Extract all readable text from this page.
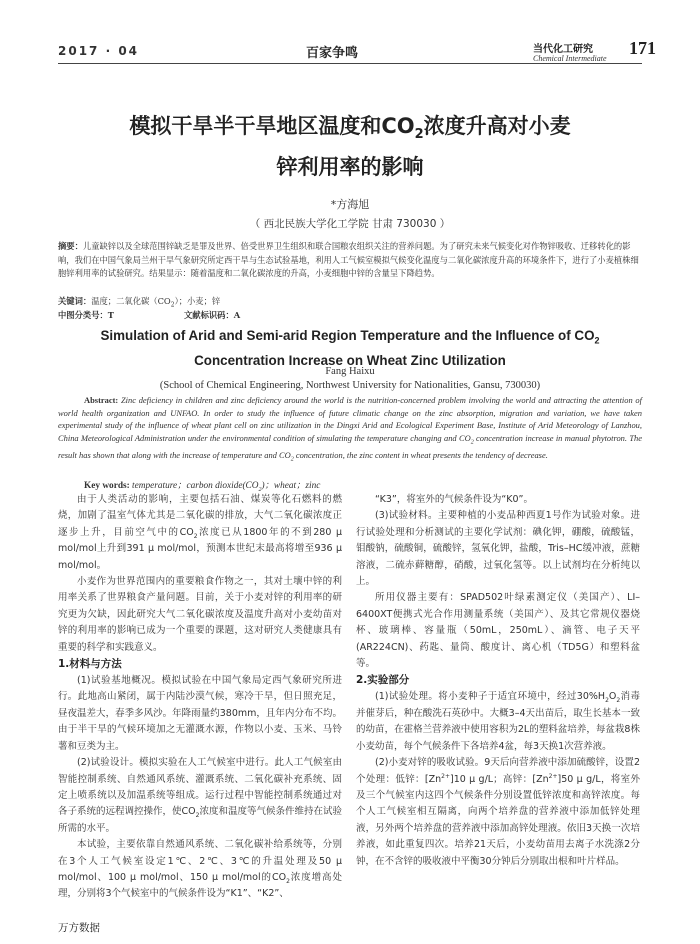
2017 · 04	百家争鸣	当代化工研究
Chemical Intermediate
171
模拟干旱半干旱地区温度和$CO_2$浓度升高对小麦
锌利用率的影响
*方海旭
（ 西北民族大学化工学院 甘肃 730030 ）
摘要：儿童缺锌以及全球范围锌缺乏是罪及世界、倍受世界卫生组织和联合国粮农组织关注的营养问题。为了研究未来气候变化对作物锌吸收、迁移转化的影响，我们在中国气象局兰州干旱气象研究所定西干旱与生态试验基地，利用人工气候室模拟气候变化温度与二氧化碳浓度升高的环境条件下，进行了小麦植株细胞锌利用率的试验研究。结果显示：随着温度和二氧化碳浓度的升高，小麦细胞中锌的含量呈下降趋势。
关键词：温度；二氧化碳$(CO_2)$；小麦；锌
中图分类号：T	文献标识码：A
Simulation of Arid and Semi-arid Region Temperature and the Influence of $CO_2$
Concentration Increase on Wheat Zinc Utilization
Fang Haixu
(School of Chemical Engineering, Northwest University for Nationalities, Gansu, 730030)
Abstract: Zinc deficiency in children and zinc deficiency around the world is the nutrition-concerned problem involving the world and attracting the attention of world health organization and UNFAO. In order to study the influence of future climatic change on the zinc absorption, migration and variation, we have taken experimental study of the influence of wheat plant cell on zinc utilization in the Dingxi Arid and Ecological Experiment Base, Institute of Arid Meteorology of Lanzhou, China Meteorological Administration under the environmental condition of simulating the temperature changing and $CO_2$ concentration increase in manual phytotron. The result has shown that along with the increase of temperature and $CO_2$ concentration, the zinc content in wheat presents the tendency of decrease.
Key words: temperature；carbon $dioxide(CO_2)$；wheat；zinc

由于人类活动的影响，主要包括石油、煤炭等化石燃料的燃烧，加剧了温室气体尤其是二氧化碳的排放，大气二氧化碳浓度正逐步上升，目前空气中的$CO_2$浓度已从1800年的不到280 μ mol/mol上升到391 μ mol/mol，预测本世纪末最高将增至936 μ mol/mol。

小麦作为世界范围内的重要粮食作物之一，其对土壤中锌的利用率关系了世界粮食产量问题。目前，关于小麦对锌的利用率的研究更为欠缺，因此研究大气二氧化碳浓度及温度升高对小麦幼苗对锌的利用率的影响已成为一个重要的课题，这对研究人类健康具有重要的科学和实践意义。

1.材料与方法

(1)试验基地概况。模拟试验在中国气象局定西气象研究所进行。此地高山紧闭，属于内陆沙漠气候，寒冷干旱，但日照充足，昼夜温差大，春季多风沙。年降雨量约380mm，且年内分布不均。由于半干旱的气候环境加之无灌溉水源，作物以小麦、玉米、马铃薯和豆类为主。

(2)试验设计。模拟实验在人工气候室中进行。此人工气候室由智能控制系统、自然通风系统、灌溉系统、二氧化碳补充系统、固定上喷系统以及加温系统等组成。运行过程中智能控制系统通过对各子系统的远程调控操作，使$CO_2$浓度和温度等气候条件维持在试验所需的水平。

本试验，主要依靠自然通风系统、二氧化碳补给系统等，分别在3个人工气候室设定1℃、2℃、3℃的升温处理及50 μ mol/mol、100 μ mol/mol、150 μ mol/mol的$CO_2$浓度增高处理，分别将3个气候室中的气候条件设为“K1”、“K2”、

“K3”，将室外的气候条件设为“K0”。

(3)试验材料。主要种植的小麦品种西夏1号作为试验对象。进行试验处理和分析测试的主要化学试剂：碘化钾，硼酸，硫酸锰，钼酸钠，硫酸铜，硫酸锌，氢氧化钾，盐酸，Tris–HC缓冲液，蔗糖溶液，二硫赤藓糖醇，硝酸，过氧化氢等。以上试剂均在分析纯以上。

所用仪器主要有：SPAD502叶绿素测定仪（美国产）、LI–6400XT便携式光合作用测量系统（美国产）、及其它常规仪器烧杯、玻璃棒、容量瓶（50mL，250mL）、滴管、电子天平(AR224CN)、药匙、量筒、酸度计、离心机（TD5G）和塑料盆等。

2.实验部分

(1)试验处理。将小麦种子于适宜环境中，经过$30\%H_2O_2$消毒并催芽后，种在酸洗石英砂中。大概3–4天出苗后，取生长基本一致的幼苗，在霍格兰营养液中使用容积为2L的塑料盆培养，每盆栽8株小麦幼苗，每个气候条件下各培养4盆，每3天换1次营养液。

(2)小麦对锌的吸收试验。9天后向营养液中添加硫酸锌，设置2个处理：低锌：$[Zn^{2+}]10$ μ g/L；高锌：$[Zn^{2+}]50$ μ g/L，将室外及三个气候室内这四个气候条件分别设置低锌浓度和高锌浓度。每个人工气候室相互隔离，向两个培养盘的营养液中添加低锌处理液，另外两个培养盘的营养液中添加高锌处理液。依旧3天换一次培养液，如此重复四次。培养21天后，小麦幼苗用去离子水洗涤2分钟，在不含锌的吸收液中平衡30分钟后分别取出根和叶片样品。

万方数据
